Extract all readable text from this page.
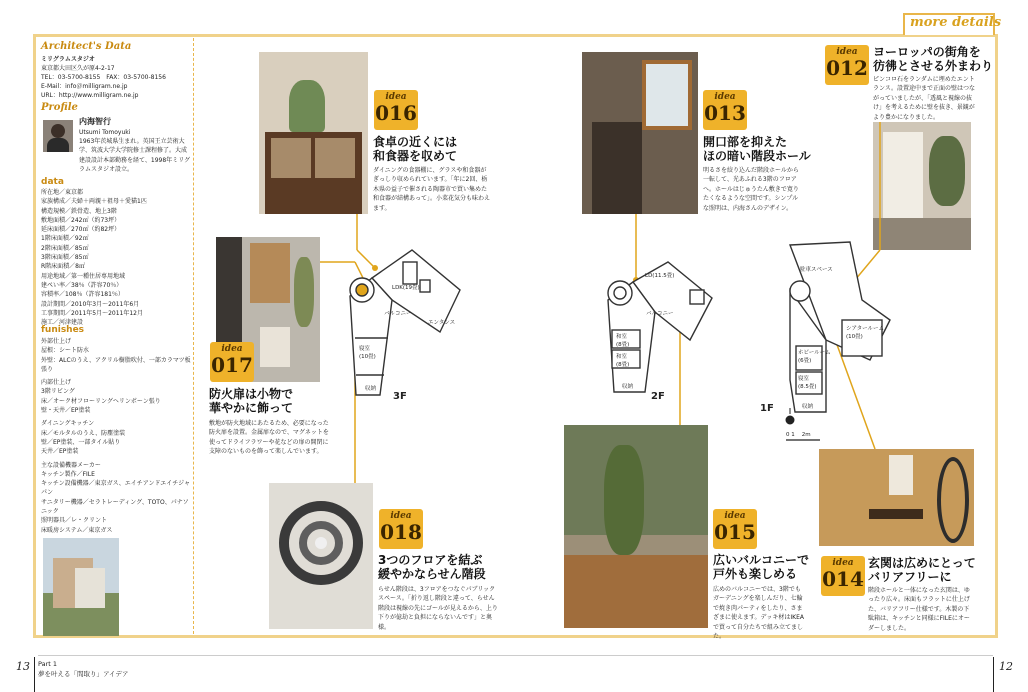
more details
Architect's Data
ミリグラムスタジオ
東京都大田区久が原4-2-17
TEL：03-5700-8155　FAX：03-5700-8156
E-Mail：info＠milligram.ne.jp
URL：http://www.milligram.ne.jp
Profile
内海智行
Utsumi Tomoyuki
1963年茨城県生まれ。英国王立芸術大学、筑波大学大学院修士課程修了。大成建設設計本部勤務を経て、1998年ミリグラムスタジオ設立。
data
所在地／東京都
家族構成／夫婦＋両親＋祖母＋愛猫1匹
構造規模／鉄骨造、地上3階
敷地面積／242㎡（約73坪）
延床面積／270㎡（約82坪）
1階床面積／92㎡
2階床面積／85㎡
3階床面積／85㎡
R階床面積／8㎡
用途地域／第一種住居専用地域
建ぺい率／38％（許容70％）
容積率／108％（許容181％）
設計期間／2010年3月〜2011年6月
工事期間／2011年5月〜2011年12月
施工／河津建設
funishes
外部仕上げ
屋根：シート防水
外壁：ALCのうえ、アクリル樹脂吹付、一部カラマツ板張り
内部仕上げ
3階リビング
床／オーク材フローリングヘリンボーン張り
壁・天井／EP塗装
ダイニングキッチン
床／モルタルのうえ、防塵塗装
壁／EP塗装、一部タイル貼り
天井／EP塗装
主な設備機器メーカー
キッチン製作／FILE
キッチン設備機器／東京ガス、エイチアンドエイチジャパン
サニタリー機器／セラトレーディング、TOTO、パナソニック
照明器具／レ・クリント
床暖房システム／東京ガス
idea
016
食卓の近くには
和食器を収めて
ダイニングの食器棚に、グラスや和食器がぎっしり収められています。「年に2回、栃木県の益子で催される陶器市で買い集めた和食器が結構あって」。小菜花気分も味わえます。
idea
017
防火扉は小物で
華やかに飾って
敷地が防火地域にあたるため、必要になった防火扉を設置。金属扉なので、マグネットを使ってドライフラワーや花などの扉の開閉に支障のないものを飾って楽しんでいます。
idea
018
3つのフロアを結ぶ
緩やかならせん階段
らせん階段は、3フロアをつなぐパブリックスペース。「折り返し階段と違って、らせん階段は視線の先にゴールが見えるから、上り下りが億劫と負担にならないんです」と奥様。
idea
013
開口部を抑えた
ほの暗い階段ホール
明るさを絞り込んだ階段ホールから一転して、光あふれる3階のフロアへ。ホールはじゅうたん敷きで寛りたくなるような空間です。シンプルな照明は、内海さんのデザイン。
idea
015
広いバルコニーで
戸外も楽しめる
広めのバルコニーでは、3階でもガーデニングを楽しんだり、七輪で焼き肉パーティをしたり、さまざまに使えます。デッキ材はIKEAで買って自分たちで組み立てました。
idea
012
ヨーロッパの街角を
彷彿とさせる外まわり
ピンコロ石をランダムに埋めたエントランス。設置途中まで正面の壁はつながっていましたが、「透風と視線の抜け」を考えるために壁を抜き、景観がより豊かになりました。
idea
014
玄関は広めにとって
バリアフリーに
階段ホールと一体になった玄関は、ゆったり広々。床面もフラットに仕上げた、バリアフリー仕様です。木製の下駄箱は、キッチンと同様にFILEにオーダーしました。
3F
LDK(19畳)
バルコニー
エンタンス
寝室
(10畳)
収納
2F
LD(11.5畳)
バルコニー
和室
(8畳)
和室
(8畳)
収納
1F
駐車スペース
シアタールーム
(10畳)
ホビールーム
(6畳)
寝室
(8.5畳)
収納
0 1    2m
13 Part 1
夢を叶える「間取り」アイデア
12
